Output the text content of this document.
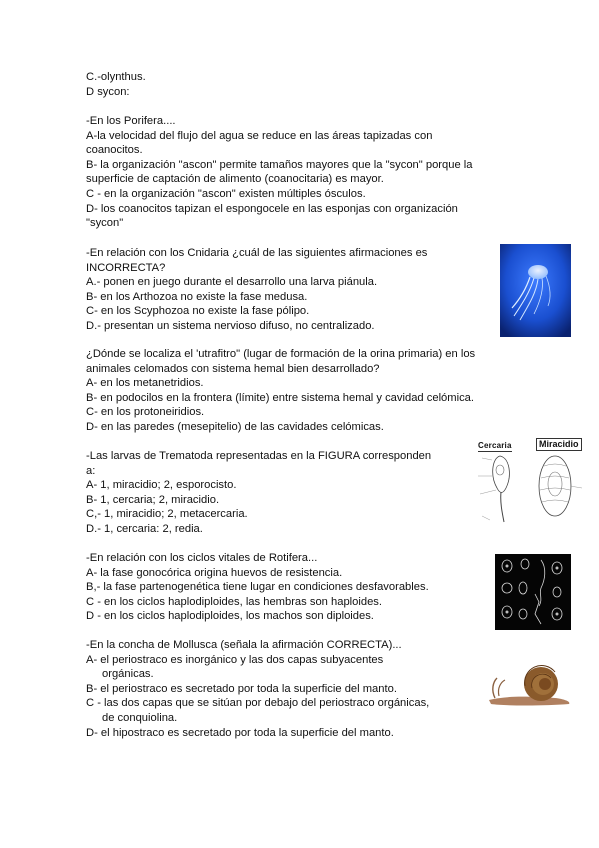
C.-olynthus.

D sycon:

-En los Porifera....

A-la velocidad del flujo del agua se reduce en las áreas tapizadas con

coanocitos.

B- la organización "ascon" permite tamaños mayores que la "sycon" porque la

superficie de captación de alimento (coanocitaria) es mayor.

C - en la organización "ascon" existen múltiples ósculos.

D- los coanocitos tapizan el espongocele en las esponjas con organización

"sycon"

-En relación con los Cnidaria ¿cuál de las siguientes afirmaciones es

INCORRECTA?

A.- ponen en juego durante el desarrollo una larva piánula.

B- en los Arthozoa no existe la fase medusa.

C- en los Scyphozoa no existe la fase pólipo.

D.- presentan un sistema nervioso difuso, no centralizado.

¿Dónde se localiza el 'utrafitro" (lugar de formación de la orina primaria) en los

animales celomados con sistema hemal bien desarrollado?

A- en los metanetridios.

B- en podocilos en la frontera (límite) entre sistema hemal y cavidad celómica.

C- en los protoneiridios.

D- en las paredes (mesepitelio) de las cavidades celómicas.

-Las larvas de Trematoda representadas en la FIGURA corresponden

a:

A- 1, miracidio; 2, esporocisto.

B- 1, cercaria; 2, miracidio.

C,- 1, miracidio; 2, metacercaria.

D.- 1, cercaria: 2, redia.

-En relación con los ciclos vitales de Rotifera...

A- la fase gonocórica origina huevos de resistencia.

B,- la fase partenogenética tiene lugar en condiciones desfavorables.

C - en los ciclos haplodiploides, las hembras son haploides.

D - en los ciclos haplodiploides, los machos son diploides.

-En la concha de Mollusca (señala la afirmación CORRECTA)...

A- el periostraco es inorgánico y las dos capas subyacentes

orgánicas.

B- el periostraco es secretado por toda la superficie del manto.

C - las dos capas que se sitúan por debajo del periostraco orgánicas,

de conquiolina.

D- el hipostraco es secretado por toda la superficie del manto.

Cercaria	Miracidio
